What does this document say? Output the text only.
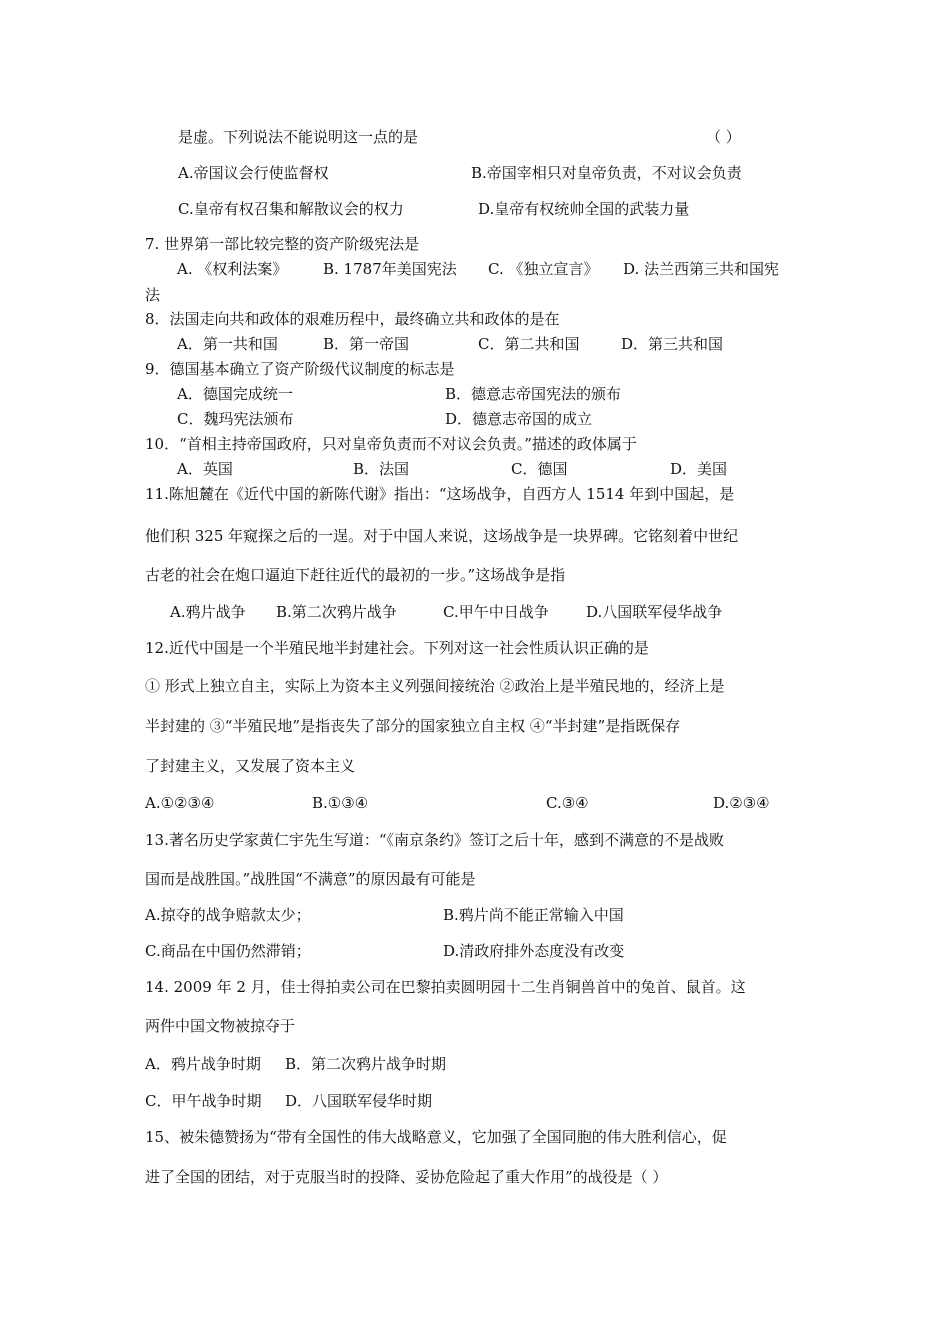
是虚。下列说法不能说明这一点的是	（ ）

A.帝国议会行使监督权	B.帝国宰相只对皇帝负责，不对议会负责

C.皇帝有权召集和解散议会的权力	D.皇帝有权统帅全国的武装力量

7. 世界第一部比较完整的资产阶级宪法是

A. 《权利法案》 B. 1787年美国宪法 C. 《独立宣言》 D. 法兰西第三共和国宪

法

8．法国走向共和政体的艰难历程中，最终确立共和政体的是在

A．第一共和国	B．第一帝国	C．第二共和国	D．第三共和国

9．德国基本确立了资产阶级代议制度的标志是

A．德国完成统一	B．德意志帝国宪法的颁布
C．魏玛宪法颁布	D．德意志帝国的成立

10．“首相主持帝国政府，只对皇帝负责而不对议会负责。”描述的政体属于

A．英国	B．法国	C．德国	D．美国

11.陈旭麓在《近代中国的新陈代谢》指出：“这场战争，自西方人 1514 年到中国起，是

他们积 325 年窥探之后的一逞。对于中国人来说，这场战争是一块界碑。它铭刻着中世纪

古老的社会在炮口逼迫下赶往近代的最初的一步。”这场战争是指

A.鸦片战争 B.第二次鸦片战争	C.甲午中日战争 D.八国联军侵华战争

12.近代中国是一个半殖民地半封建社会。下列对这一社会性质认识正确的是

① 形式上独立自主，实际上为资本主义列强间接统治 ②政治上是半殖民地的，经济上是

半封建的 ③“半殖民地”是指丧失了部分的国家独立自主权 ④“半封建”是指既保存

了封建主义，又发展了资本主义

A.①②③④	B.①③④	C.③④	D.②③④

13.著名历史学家黄仁宇先生写道：“《南京条约》签订之后十年，感到不满意的不是战败

国而是战胜国。”战胜国“不满意”的原因最有可能是

A.掠夺的战争赔款太少；	B.鸦片尚不能正常输入中国
C.商品在中国仍然滞销；	D.清政府排外态度没有改变

14. 2009 年 2 月，佳士得拍卖公司在巴黎拍卖圆明园十二生肖铜兽首中的兔首、鼠首。这

两件中国文物被掠夺于

A．鸦片战争时期 B．第二次鸦片战争时期
C．甲午战争时期 D．八国联军侵华时期

15、被朱德赞扬为“带有全国性的伟大战略意义，它加强了全国同胞的伟大胜利信心，促

进了全国的团结，对于克服当时的投降、妥协危险起了重大作用”的战役是（ ）
